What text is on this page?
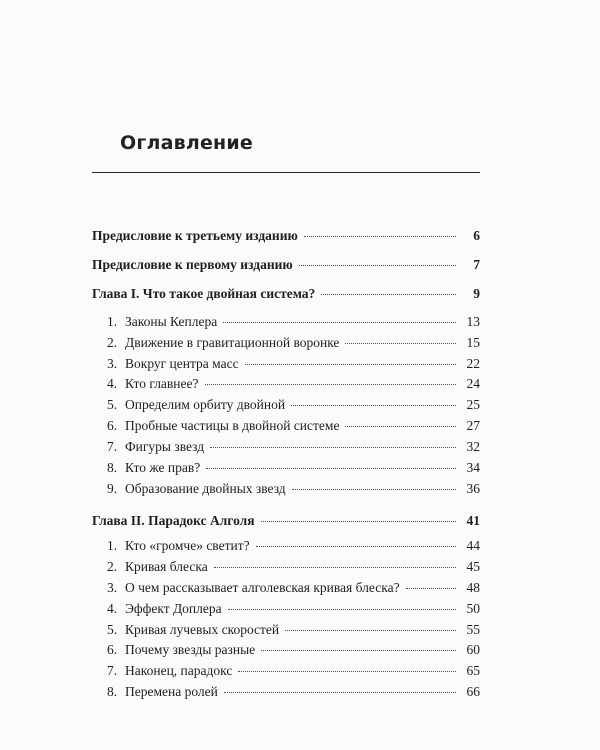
Оглавление
Предисловие к третьему изданию	6
Предисловие к первому изданию	7
Глава I. Что такое двойная система?	9
1. Законы Кеплера	13
2. Движение в гравитационной воронке	15
3. Вокруг центра масс	22
4. Кто главнее?	24
5. Определим орбиту двойной	25
6. Пробные частицы в двойной системе	27
7. Фигуры звезд	32
8. Кто же прав?	34
9. Образование двойных звезд	36
Глава II. Парадокс Алголя	41
1. Кто «громче» светит?	44
2. Кривая блеска	45
3. О чем рассказывает алголевская кривая блеска?	48
4. Эффект Доплера	50
5. Кривая лучевых скоростей	55
6. Почему звезды разные	60
7. Наконец, парадокс	65
8. Перемена ролей	66
